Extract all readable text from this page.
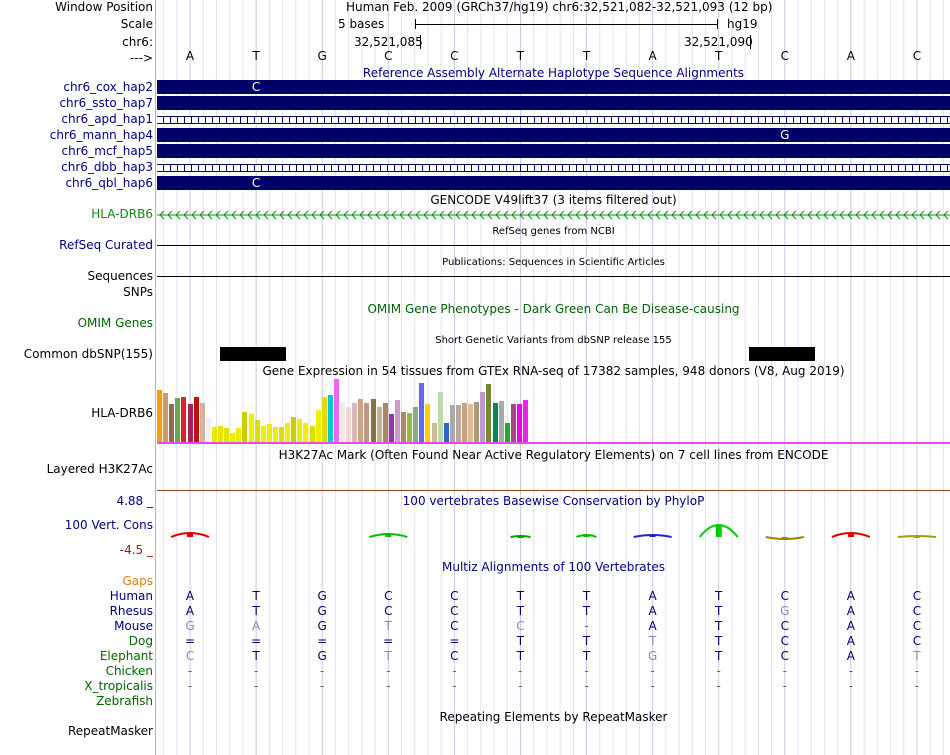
Window Position	Human Feb. 2009 (GRCh37/hg19) chr6:32,521,082-32,521,093 (12 bp)
Scale	5 bases	hg19
chr6:	32,521,085	32,521,090
--->	A	T	G	C	C	T	T	A	T	C	A	C
Reference Assembly Alternate Haplotype Sequence Alignments
chr6_cox_hap2	C
chr6_ssto_hap7
chr6_apd_hap1
chr6_mann_hap4	G
chr6_mcf_hap5
chr6_dbb_hap3
chr6_qbl_hap6	C
GENCODE V49lift37 (3 items filtered out)
HLA-DRB6
RefSeq genes from NCBI
RefSeq Curated
Publications: Sequences in Scientific Articles
Sequences
SNPs
OMIM Gene Phenotypes - Dark Green Can Be Disease-causing
OMIM Genes
Short Genetic Variants from dbSNP release 155
Common dbSNP(155)
Gene Expression in 54 tissues from GTEx RNA-seq of 17382 samples, 948 donors (V8, Aug 2019)
HLA-DRB6
H3K27Ac Mark (Often Found Near Active Regulatory Elements) on 7 cell lines from ENCODE
Layered H3K27Ac
100 vertebrates Basewise Conservation by PhyloP
4.88 _
100 Vert. Cons
-4.5 _
Multiz Alignments of 100 Vertebrates
Gaps
Human	A	T	G	C	C	T	T	A	T	C	A	C
Rhesus	A	T	G	C	C	T	T	A	T	G	A	C
Mouse	G	A	G	T	C	C	-	A	T	C	A	C
Dog	=	=	=	=	=	T	T	T	T	C	A	C
Elephant	C	T	G	T	C	T	T	G	T	C	A	T
Chicken	-	-	-	-	-	-	-	-	-	-	-	-
X_tropicalis	-	-	-	-	-	-	-	-	-	-	-	-
Zebrafish
Repeating Elements by RepeatMasker
RepeatMasker
